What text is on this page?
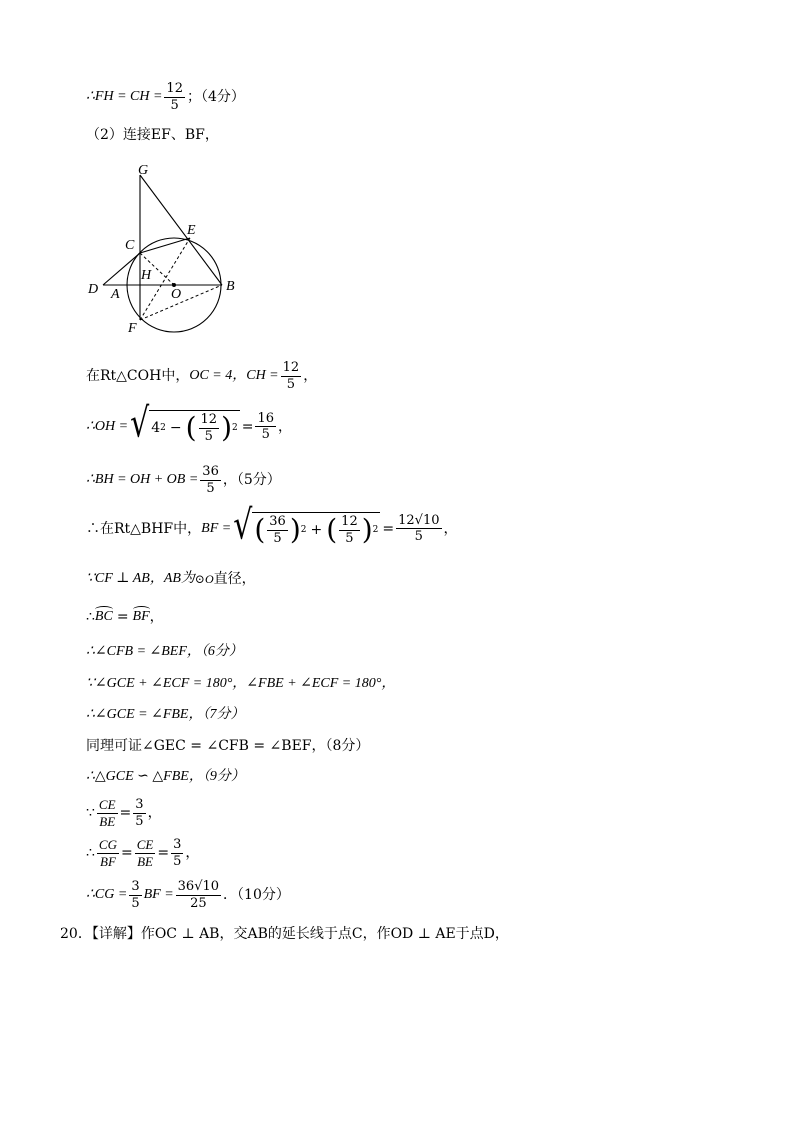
∴FH = CH = $\frac{12}{5}$ ；（4分）
（2）连接EF、BF，
G
E
C
H
D A	O
B
F
在Rt△COH中， OC = 4，CH = $\frac{12}{5}$ ，
∴OH = √ 4 2 − ( $\frac{12}{5}$ ) $2 = \frac{16}{5}$ ，
∴BH = OH + OB = $\frac{36}{5}$ ，（5分）
∴在Rt△BHF中， BF = √ ( $\frac{36}{5}$ ) 2 + ( $\frac{12}{5}$ ) $2 = \frac{12√10}{5}$ ，
∵CF ⊥ AB，AB为 ⊙O 直径，
∴ BC = BF ，
∴∠CFB = ∠BEF，（6分）
∵∠GCE + ∠ECF = 180°，∠FBE + ∠ECF = 180°，
∴∠GCE = ∠FBE，（7分）
同理可证∠GEC = ∠CFB = ∠BEF，（8分）
∴△GCE ∽ △FBE，（9分）
∵ $\frac{CE}{BE} = \frac{3}{5}$ ，
∴ $\frac{CG}{BF} = \frac{CE}{BE} = \frac{3}{5}$ ，
∴CG = $\frac{3}{5}$ BF = $\frac{36√10}{25}$ ．（10分）
20．【详解】作OC ⊥ AB，交AB的延长线于点C，作OD ⊥ AE于点D，
